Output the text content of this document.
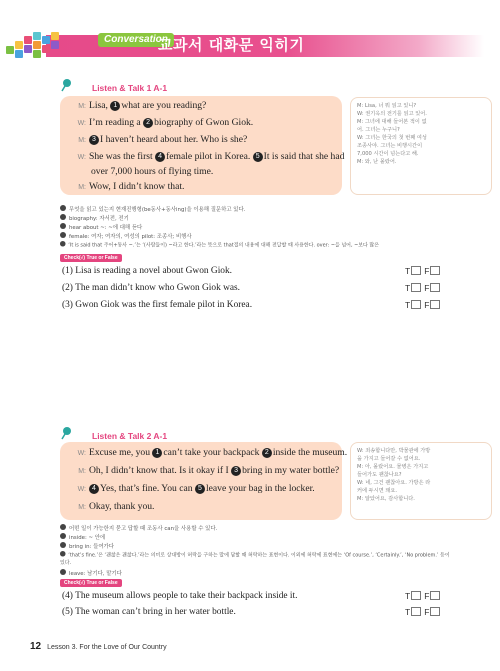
Conversation
교과서 대화문 익히기
Listen & Talk 1 A-1
M: Lisa, 1 what are you reading?
W: I’m reading a 2 biography of Gwon Giok.
M: 3 I haven’t heard about her. Who is she?
W: She was the first 4 female pilot in Korea. 5 It is said that she had
over 7,000 hours of flying time.
M: Wow, I didn’t know that.
M: Lisa, 너 뭐 읽고 있니?
W: 권기옥의 전기를 읽고 있어.
M: 그녀에 대해 들어본 적이 없
어. 그녀는 누구니?
W: 그녀는 한국의 첫 번째 여성
조종사야. 그녀는 비행시간이
7,000 시간이 넘는다고 해.
M: 와, 난 몰랐어.
무엇을 읽고 있는지 현재진행형(be동사+동사ing)을 이용해 질문하고 있다.
biography: 자서전, 전기
hear about ~: ~에 대해 듣다
female: 여자; 여자의, 여성의 pilot: 조종사; 비행사
‘It is said that 주어+동사 ~.’는 ‘(사람들이) ~라고 한다.’라는 뜻으로 that절의 내용에 대해 전달할 때 사용한다. over: ~을 넘어, ~보다 많은
Check(√) True or False
(1) Lisa is reading a novel about Gwon Giok.	T F
(2) The man didn’t know who Gwon Giok was.	T F
(3) Gwon Giok was the first female pilot in Korea.	T F
Listen & Talk 2 A-1
W: Excuse me, you 1 can’t take your backpack 2 inside the museum.
M: Oh, I didn’t know that. Is it okay if I 3 bring in my water bottle?
W: 4 Yes, that’s fine. You can 5 leave your bag in the locker.
M: Okay, thank you.
W: 죄송합니다만, 박물관에 가방
을 가지고 들어갈 수 없어요.
M: 아, 몰랐어요. 물병은 가지고
들어가도 괜찮나요?
W: 네, 그건 괜찮아요. 가방은 라
커에 두시면 돼요.
M: 알았어요, 감사합니다.
어떤 일이 가능한지 묻고 답할 때 조동사 can을 사용할 수 있다.
inside: ~ 안에
bring in: 들여가다
‘that’s fine.’은 ‘괜찮은 괜찮다.’라는 의미로 상대방이 허락을 구하는 말에 답할 때 허락하는 표현이다. 이외에 허락에 표현에는 ‘Of course.’, ‘Certainly.’, ‘No problem.’ 등이 있다.
leave: 남기다, 맡기다
Check(√) True or False
(4) The museum allows people to take their backpack inside it.	T F
(5) The woman can’t bring in her water bottle.	T F
12 Lesson 3. For the Love of Our Country
